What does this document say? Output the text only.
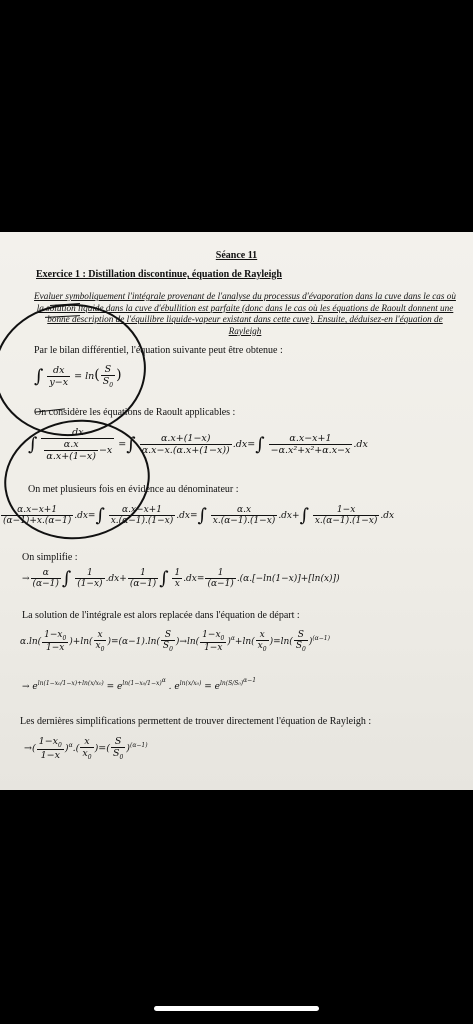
Séance 11
Exercice 1 : Distillation discontinue, équation de Rayleigh
Evaluer symboliquement l'intégrale provenant de l'analyse du processus d'évaporation dans la cuve dans le cas où la solution liquide dans la cuve d'ébullition est parfaite (donc dans le cas où les équations de Raoult donnent une bonne description de l'équilibre liquide-vapeur existant dans cette cuve). Ensuite, déduisez-en l'équation de Rayleigh
Par le bilan différentiel, l'équation suivante peut être obtenue :
∫ $\frac{dx}{y-x} = \ln( \frac{S}{S_0}$ )
On considère les équations de Raoult applicables :
∫ $\frac{dx}{\frac{\alpha.x}{\alpha.x+(1-x)} -x}$ =∫ $\frac{\alpha.x+(1-x)}{\alpha.x-x.(\alpha.x+(1-x))} .dx=\int \frac{\alpha.x-x+1}{\text{−α.x²+x²+α.x−x}} .dx$
On met plusieurs fois en évidence au dénominateur :
$\frac{\alpha.x-x+1}{(\alpha-1)+x.(\alpha-1)} .dx=\int \frac{\alpha.x-x+1}{x.(\alpha-1).(1-x)} .dx=\int \frac{\alpha.x}{x.(\alpha-1).(1-x)} .dx+\int \frac{1-x}{x.(\alpha-1).(1-x)} .dx$
On simplifie :
→ $\frac{\alpha}{(\alpha-1)}$ ∫ $\frac{1}{(1-x)} .dx+ \frac{1}{(\alpha-1)}$ ∫ $\frac{1}{x} .dx= \frac{1}{(\alpha-1)} .(\alpha.[-\ln(1-x)]+[\ln(x)])$
La solution de l'intégrale est alors replacée dans l'équation de départ :
$\alpha.\ln( \frac{1-x_0}{1-x} )+\ln( \frac{x}{x_0} )=(\alpha-1).\ln( \frac{S}{S_0} )\to\ln( \frac{1-x_0}{1-x} )^\alpha+\ln( \frac{x}{x_0} )=\ln( \frac{S}{S_0} )^{(\alpha-1)}$
→ $e^{ln(1-x_0/1-x)+ln(x/x_0)} = e^{ln(1-x_0/1-x)^\alpha}$ . $e^{ln(x/x_0)} = e^{ln(S/S_0)^{\alpha-1}}$
Les dernières simplifications permettent de trouver directement l'équation de Rayleigh :
→( $\frac{1-x_0}{1-x} )^\alpha.( \frac{x}{x_0}$ )=( $\frac{S}{S_0} )^{(\alpha-1)}$
